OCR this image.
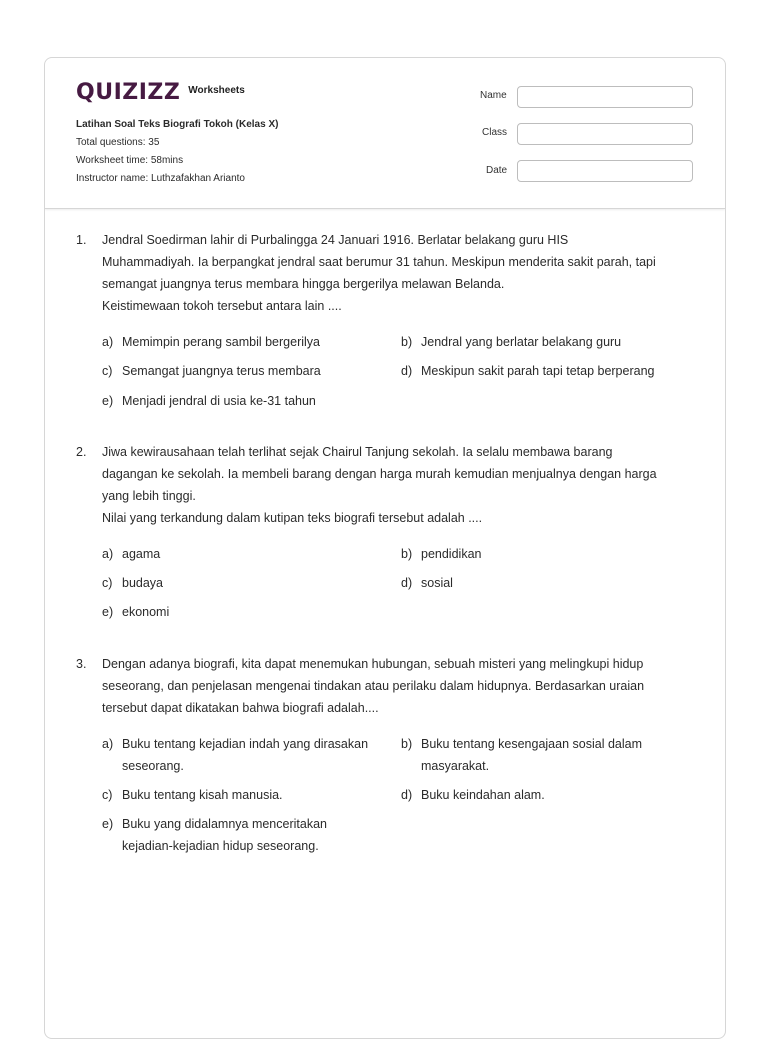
QUIZIZZ Worksheets
Latihan Soal Teks Biografi Tokoh (Kelas X)
Total questions: 35
Worksheet time: 58mins
Instructor name: Luthzafakhan Arianto
Name
Class
Date
1. Jendral Soedirman lahir di Purbalingga 24 Januari 1916. Berlatar belakang guru HIS
Muhammadiyah. Ia berpangkat jendral saat berumur 31 tahun. Meskipun menderita sakit parah, tapi
semangat juangnya terus membara hingga bergerilya melawan Belanda.
Keistimewaan tokoh tersebut antara lain ....
a) Memimpin perang sambil bergerilya	b) Jendral yang berlatar belakang guru
c) Semangat juangnya terus membara	d) Meskipun sakit parah tapi tetap berperang
e) Menjadi jendral di usia ke-31 tahun
2. Jiwa kewirausahaan telah terlihat sejak Chairul Tanjung sekolah. Ia selalu membawa barang
dagangan ke sekolah. Ia membeli barang dengan harga murah kemudian menjualnya dengan harga
yang lebih tinggi.
Nilai yang terkandung dalam kutipan teks biografi tersebut adalah ....
a) agama	b) pendidikan
c) budaya	d) sosial
e) ekonomi
3. Dengan adanya biografi, kita dapat menemukan hubungan, sebuah misteri yang melingkupi hidup
seseorang, dan penjelasan mengenai tindakan atau perilaku dalam hidupnya. Berdasarkan uraian
tersebut dapat dikatakan bahwa biografi adalah....
a) Buku tentang kejadian indah yang dirasakan seseorang.
b) Buku tentang kesengajaan sosial dalam masyarakat.
c) Buku tentang kisah manusia.	d) Buku keindahan alam.
e) Buku yang didalamnya menceritakan kejadian-kejadian hidup seseorang.
